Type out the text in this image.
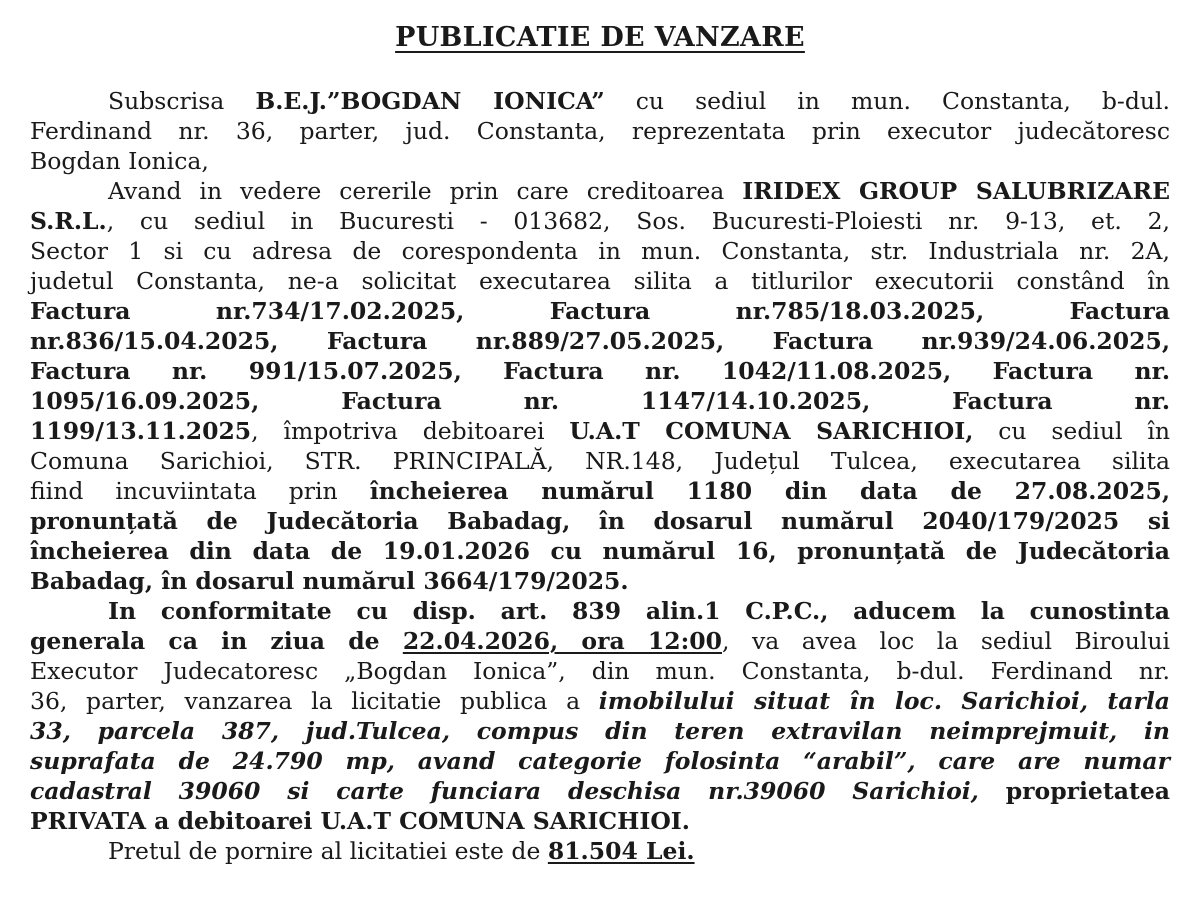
PUBLICATIE DE VANZARE
Subscrisa B.E.J.”BOGDAN IONICA” cu sediul in mun. Constanta, b-dul.
Ferdinand nr. 36, parter, jud. Constanta, reprezentata prin executor judecătoresc
Bogdan Ionica,
Avand in vedere cererile prin care creditoarea IRIDEX GROUP SALUBRIZARE
S.R.L., cu sediul in Bucuresti - 013682, Sos. Bucuresti-Ploiesti nr. 9-13, et. 2,
Sector 1 si cu adresa de corespondenta in mun. Constanta, str. Industriala nr. 2A,
judetul Constanta, ne-a solicitat executarea silita a titlurilor executorii constând în
Factura nr.734/17.02.2025, Factura nr.785/18.03.2025, Factura
nr.836/15.04.2025, Factura nr.889/27.05.2025, Factura nr.939/24.06.2025,
Factura nr. 991/15.07.2025, Factura nr. 1042/11.08.2025, Factura nr.
1095/16.09.2025, Factura nr. 1147/14.10.2025, Factura nr.
1199/13.11.2025, împotriva debitoarei U.A.T COMUNA SARICHIOI, cu sediul în
Comuna Sarichioi, STR. PRINCIPALĂ, NR.148, Județul Tulcea, executarea silita
fiind incuviintata prin încheierea numărul 1180 din data de 27.08.2025,
pronunțată de Judecătoria Babadag, în dosarul numărul 2040/179/2025 si
încheierea din data de 19.01.2026 cu numărul 16, pronunțată de Judecătoria
Babadag, în dosarul numărul 3664/179/2025.
In conformitate cu disp. art. 839 alin.1 C.P.C., aducem la cunostinta
generala ca in ziua de 22.04.2026, ora 12:00, va avea loc la sediul Biroului
Executor Judecatoresc „Bogdan Ionica”, din mun. Constanta, b-dul. Ferdinand nr.
36, parter, vanzarea la licitatie publica a imobilului situat în loc. Sarichioi, tarla
33, parcela 387, jud.Tulcea, compus din teren extravilan neimprejmuit, in
suprafata de 24.790 mp, avand categorie folosinta “arabil”, care are numar
cadastral 39060 si carte funciara deschisa nr.39060 Sarichioi, proprietatea
PRIVATA a debitoarei U.A.T COMUNA SARICHIOI.
Pretul de pornire al licitatiei este de 81.504 Lei.
